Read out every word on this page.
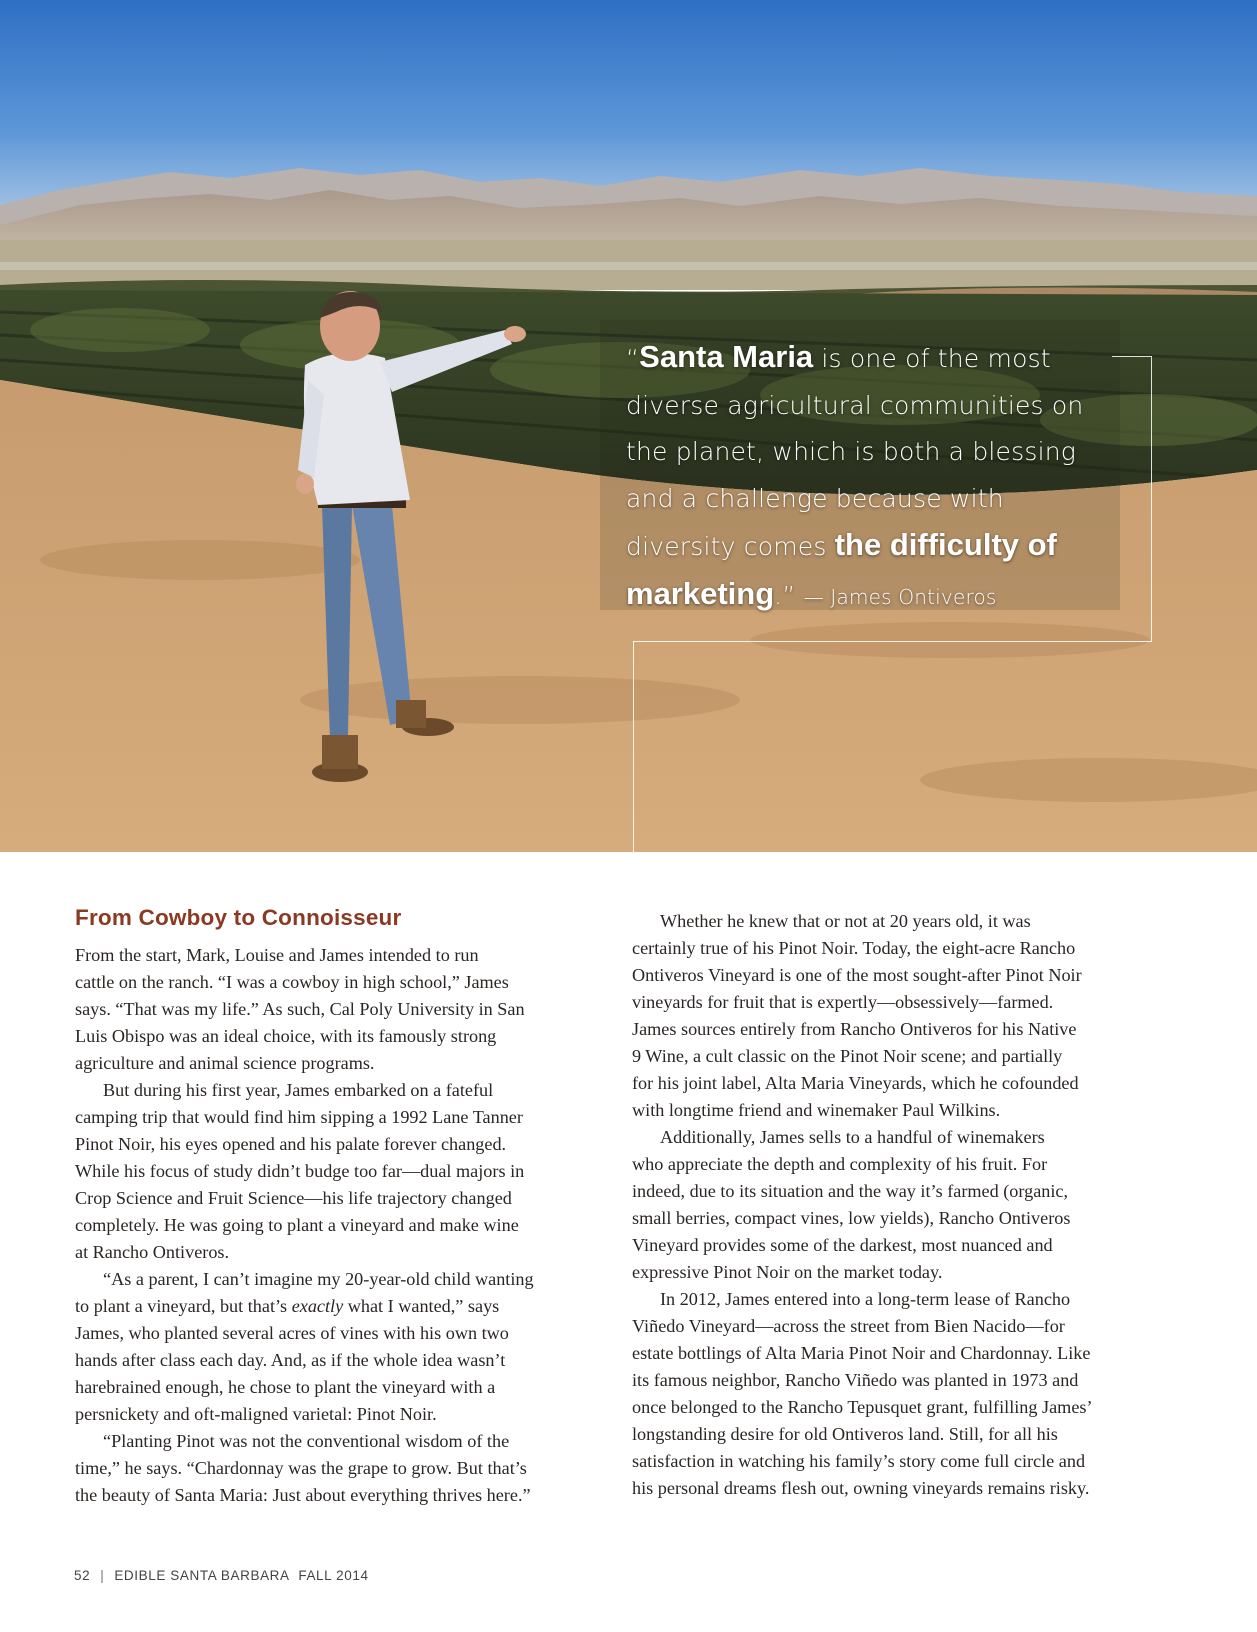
“Santa Maria is one of the most diverse agricultural communities on the planet, which is both a blessing and a challenge because with diversity comes the difficulty of marketing.” — James Ontiveros
From Cowboy to Connoisseur

From the start, Mark, Louise and James intended to run
cattle on the ranch. “I was a cowboy in high school,” James
says. “That was my life.” As such, Cal Poly University in San
Luis Obispo was an ideal choice, with its famously strong
agriculture and animal science programs.

But during his first year, James embarked on a fateful
camping trip that would find him sipping a 1992 Lane Tanner
Pinot Noir, his eyes opened and his palate forever changed.
While his focus of study didn’t budge too far—dual majors in
Crop Science and Fruit Science—his life trajectory changed
completely. He was going to plant a vineyard and make wine
at Rancho Ontiveros.

“As a parent, I can’t imagine my 20-year-old child wanting
to plant a vineyard, but that’s exactly what I wanted,” says
James, who planted several acres of vines with his own two
hands after class each day. And, as if the whole idea wasn’t
harebrained enough, he chose to plant the vineyard with a
persnickety and oft-maligned varietal: Pinot Noir.

“Planting Pinot was not the conventional wisdom of the
time,” he says. “Chardonnay was the grape to grow. But that’s
the beauty of Santa Maria: Just about everything thrives here.”

Whether he knew that or not at 20 years old, it was
certainly true of his Pinot Noir. Today, the eight-acre Rancho
Ontiveros Vineyard is one of the most sought-after Pinot Noir
vineyards for fruit that is expertly—obsessively—farmed.
James sources entirely from Rancho Ontiveros for his Native
9 Wine, a cult classic on the Pinot Noir scene; and partially
for his joint label, Alta Maria Vineyards, which he cofounded
with longtime friend and winemaker Paul Wilkins.

Additionally, James sells to a handful of winemakers
who appreciate the depth and complexity of his fruit. For
indeed, due to its situation and the way it’s farmed (organic,
small berries, compact vines, low yields), Rancho Ontiveros
Vineyard provides some of the darkest, most nuanced and
expressive Pinot Noir on the market today.

In 2012, James entered into a long-term lease of Rancho
Viñedo Vineyard—across the street from Bien Nacido—for
estate bottlings of Alta Maria Pinot Noir and Chardonnay. Like
its famous neighbor, Rancho Viñedo was planted in 1973 and
once belonged to the Rancho Tepusquet grant, fulfilling James’
longstanding desire for old Ontiveros land. Still, for all his
satisfaction in watching his family’s story come full circle and
his personal dreams flesh out, owning vineyards remains risky.

52 | EDIBLE SANTA BARBARA FALL 2014
